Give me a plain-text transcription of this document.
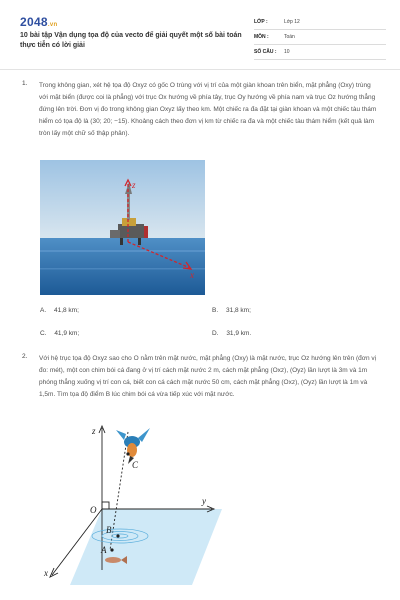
2048.vn
10 bài tập Vận dụng tọa độ của vecto để giải quyết một số bài toán thực tiễn có lời giải
LỚP :	Lớp 12
MÔN :	Toán
SỐ CÂU :	10
1. Trong không gian, xét hệ tọa độ Oxyz có gốc O trùng với vị trí của một giàn khoan trên biển, mặt phẳng (Oxy) trùng với mặt biển (được coi là phẳng) với trục Ox hướng về phía tây, trục Oy hướng về phía nam và trục Oz hướng thẳng đứng lên trời. Đơn vị đo trong không gian Oxyz lấy theo km. Một chiếc ra đa đặt tại giàn khoan và một chiếc tàu thám hiểm có tọa độ là (30; 20; −15). Khoảng cách theo đơn vị km từ chiếc ra đa và một chiếc tàu thám hiểm (kết quả làm tròn lấy một chữ số thập phân).

z
x
A. 41,8 km;	B. 31,8 km;
C. 41,9 km;	D. 31,9 km.
2. Với hệ trục tọa độ Oxyz sao cho O nằm trên mặt nước, mặt phẳng (Oxy) là mặt nước, trục Oz hướng lên trên (đơn vị đo: mét), một con chim bói cá đang ở vị trí cách mặt nước 2 m, cách mặt phẳng (Oxz), (Oyz) lần lượt là 3m và 1m phóng thẳng xuống vị trí con cá, biết con cá cách mặt nước 50 cm, cách mặt phẳng (Oxz), (Oyz) lần lượt là 1m và 1,5m. Tìm tọa độ điểm B lúc chim bói cá vừa tiếp xúc với mặt nước.

z
y
x
O
B
A
C
